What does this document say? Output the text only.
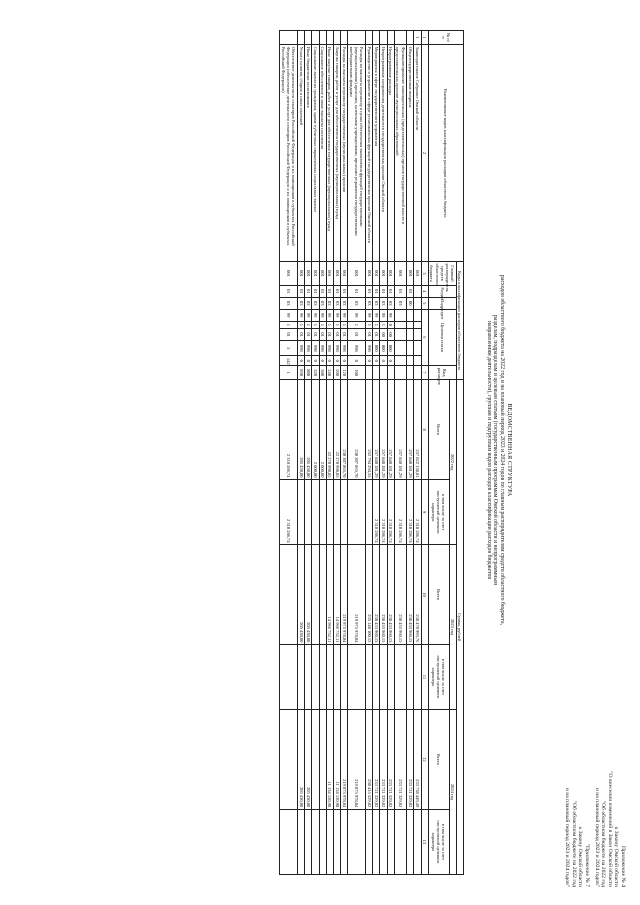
Приложение № 4
к Закону Омской области
"О внесении изменений в Закон Омской области
"Об областном бюджете на 2022 год
и на плановый период 2023 и 2024 годов"
"Приложение № 7
к Закону Омской области
"Об областном бюджете на 2022 год
и на плановый период 2023 и 2024 годов"
ВЕДОМСТВЕННАЯ СТРУКТУРА
расходов областного бюджета на 2022 год и на плановый период 2023 и 2024 годов по главным распорядителям средств областного бюджета,
разделам, подразделам и целевым статьям (государственным программам Омской области и непрограммным
направлениям деятельности), группам и подгруппам видов расходов классификации расходов бюджетов
№ п/п	Наименование кодов классификации расходов областного бюджета	Коды классификации расходов областного бюджета									Сумма, рублей					
		Главный распорядитель средств областного бюджета	Раздел	Подраздел	Целевая статья					Вид расходов	2022 год		2023 год		2024 год	
											Всего	в том числе за счет поступлений целевого характера	Всего	в том числе за счет поступлений целевого характера	Всего	в том числе за счет поступлений целевого характера

1	2	3	4	5	6					7	8	9	10	11	12	13
1	Законодательное Собрание Омской области	001									257 822 138,81	2 310 286,74	238 470 993,76		233 738 449,49	
	Общегосударственные вопросы	001	01	00							257 840 181,29	2 310 286,74	238 453 960,15		233 721 329,02	
	Функционирование законодательных (представительных) органов государственной власти и представительных органов муниципальных образований	001	01	03							257 840 181,29	2 310 286,74	238 453 960,15		233 721 329,02	
	Непрограммные расходы	001	01	03	99	0	00	000	0		257 840 181,29	2 310 286,74	238 453 960,15		233 721 329,02	
	Непрограммные направления деятельности государственных органов Омской области	001	01	03	99	1	00	000	0		257 840 181,29	2 310 286,74	238 453 960,15		233 721 329,02	
	Мероприятия в сфере государственного управления	001	01	03	99	1	01	000	0		257 840 181,29	2 310 286,74	238 453 960,15		233 721 329,02	
	Руководство и управление в сфере установленных функций государственных органов Омской области	001	01	03	99	1	01	998	0		252 794 294,55		235 148 100,15		230 415 529,02	
	Расходы на выплаты персоналу в целях обеспечения выполнения функций государственными (муниципальными) органами, казенными учреждениями, органами управления государственными внебюджетными фондами	001	01	03	99	1	01	998	0	100	230 307 865,70		219 975 978,04		219 075 978,04	
	Расходы на выплаты персоналу государственных (муниципальных) органов	001	01	03	99	1	01	998	0	120	230 307 865,70		219 975 978,04		219 075 978,04	
	Закупка товаров, работ и услуг для обеспечения государственных (муниципальных) нужд	001	01	03	99	1	01	998	0	200	22 278 998,85		14 966 752,11		11 134 120,98	
	Иные закупки товаров, работ и услуг для обеспечения государственных (муниципальных) нужд	001	01	03	99	1	01	998	0	240	22 278 998,85		14 966 752,11		11 134 120,98	
	Социальное обеспечение и иные выплаты населению	001	01	03	99	1	01	998	0	300	2 000,00					
	Социальные выплаты гражданам, кроме публичных нормативных социальных выплат	001	01	03	99	1	01	998	0	320	2 000,00					
	Иные бюджетные ассигнования	001	01	03	99	1	01	998	0	800	205 430,00		205 430,00		205 430,00	
	Уплата налогов, сборов и иных платежей	001	01	03	99	1	01	998	0	850	205 430,00		205 430,00		205 430,00	
	Обеспечение деятельности сенаторов Российской Федерации и их помощников в субъектах Российской Федерации (обеспечение деятельности сенаторов Российской Федерации и их помощников в субъектах Российской Федерации)	001	01	03	99	1	01	5	142	1	2 310 286,74	2 310 286,74				
